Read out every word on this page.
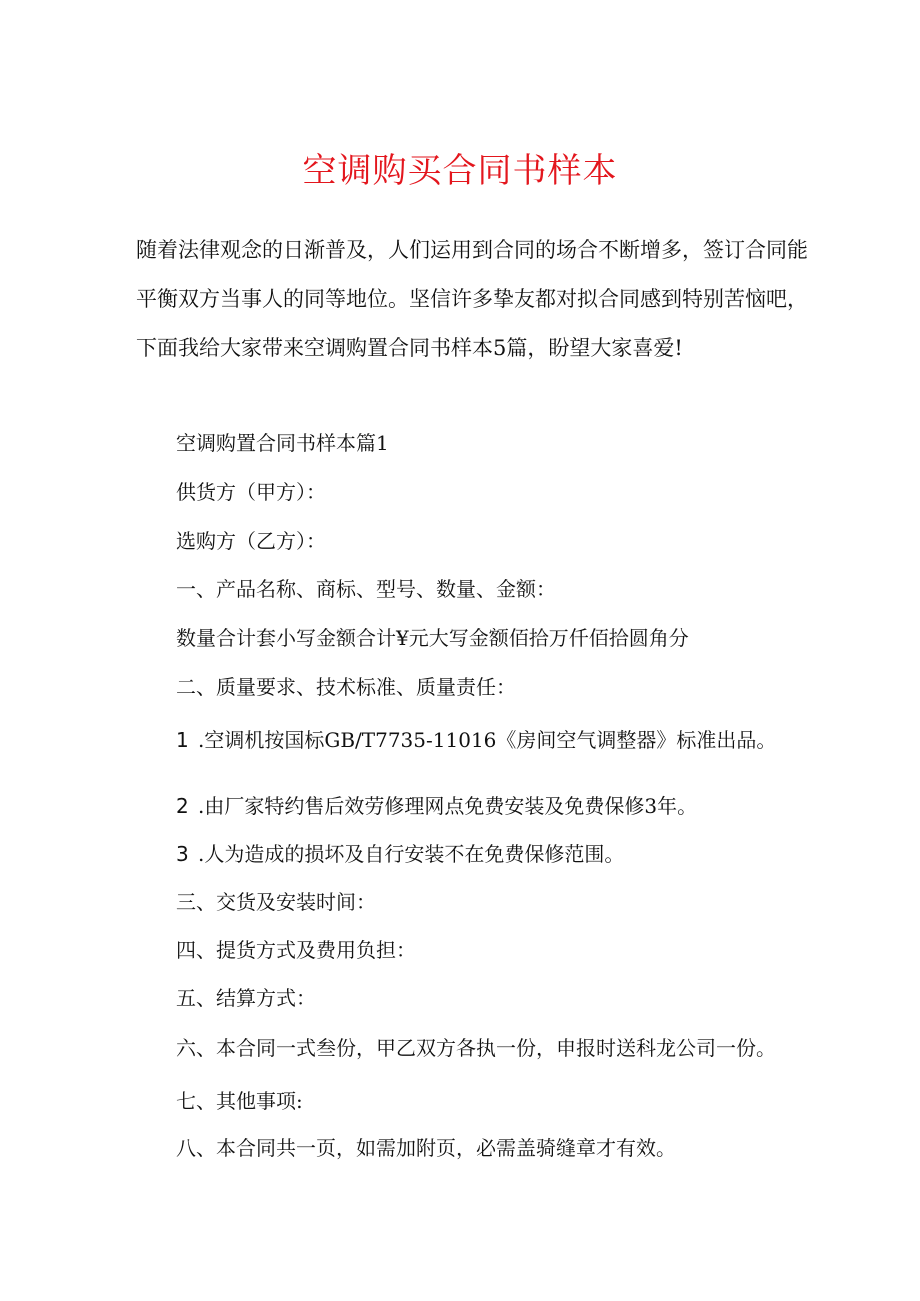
空调购买合同书样本

随着法律观念的日渐普及，人们运用到合同的场合不断增多，签订合同能
平衡双方当事人的同等地位。坚信许多挚友都对拟合同感到特别苦恼吧，
下面我给大家带来空调购置合同书样本5篇，盼望大家喜爱!

空调购置合同书样本篇1

供货方（甲方）：

选购方（乙方）：

一、产品名称、商标、型号、数量、金额：

数量合计套小写金额合计¥元大写金额佰拾万仟佰拾圆角分

二、质量要求、技术标准、质量责任：

1 .空调机按国标GB/T7735-11016《房间空气调整器》标准出品。

2 .由厂家特约售后效劳修理网点免费安装及免费保修3年。

3 .人为造成的损坏及自行安装不在免费保修范围。

三、交货及安装时间：

四、提货方式及费用负担：

五、结算方式：

六、本合同一式叁份，甲乙双方各执一份，申报时送科龙公司一份。

七、其他事项:

八、本合同共一页，如需加附页，必需盖骑缝章才有效。
